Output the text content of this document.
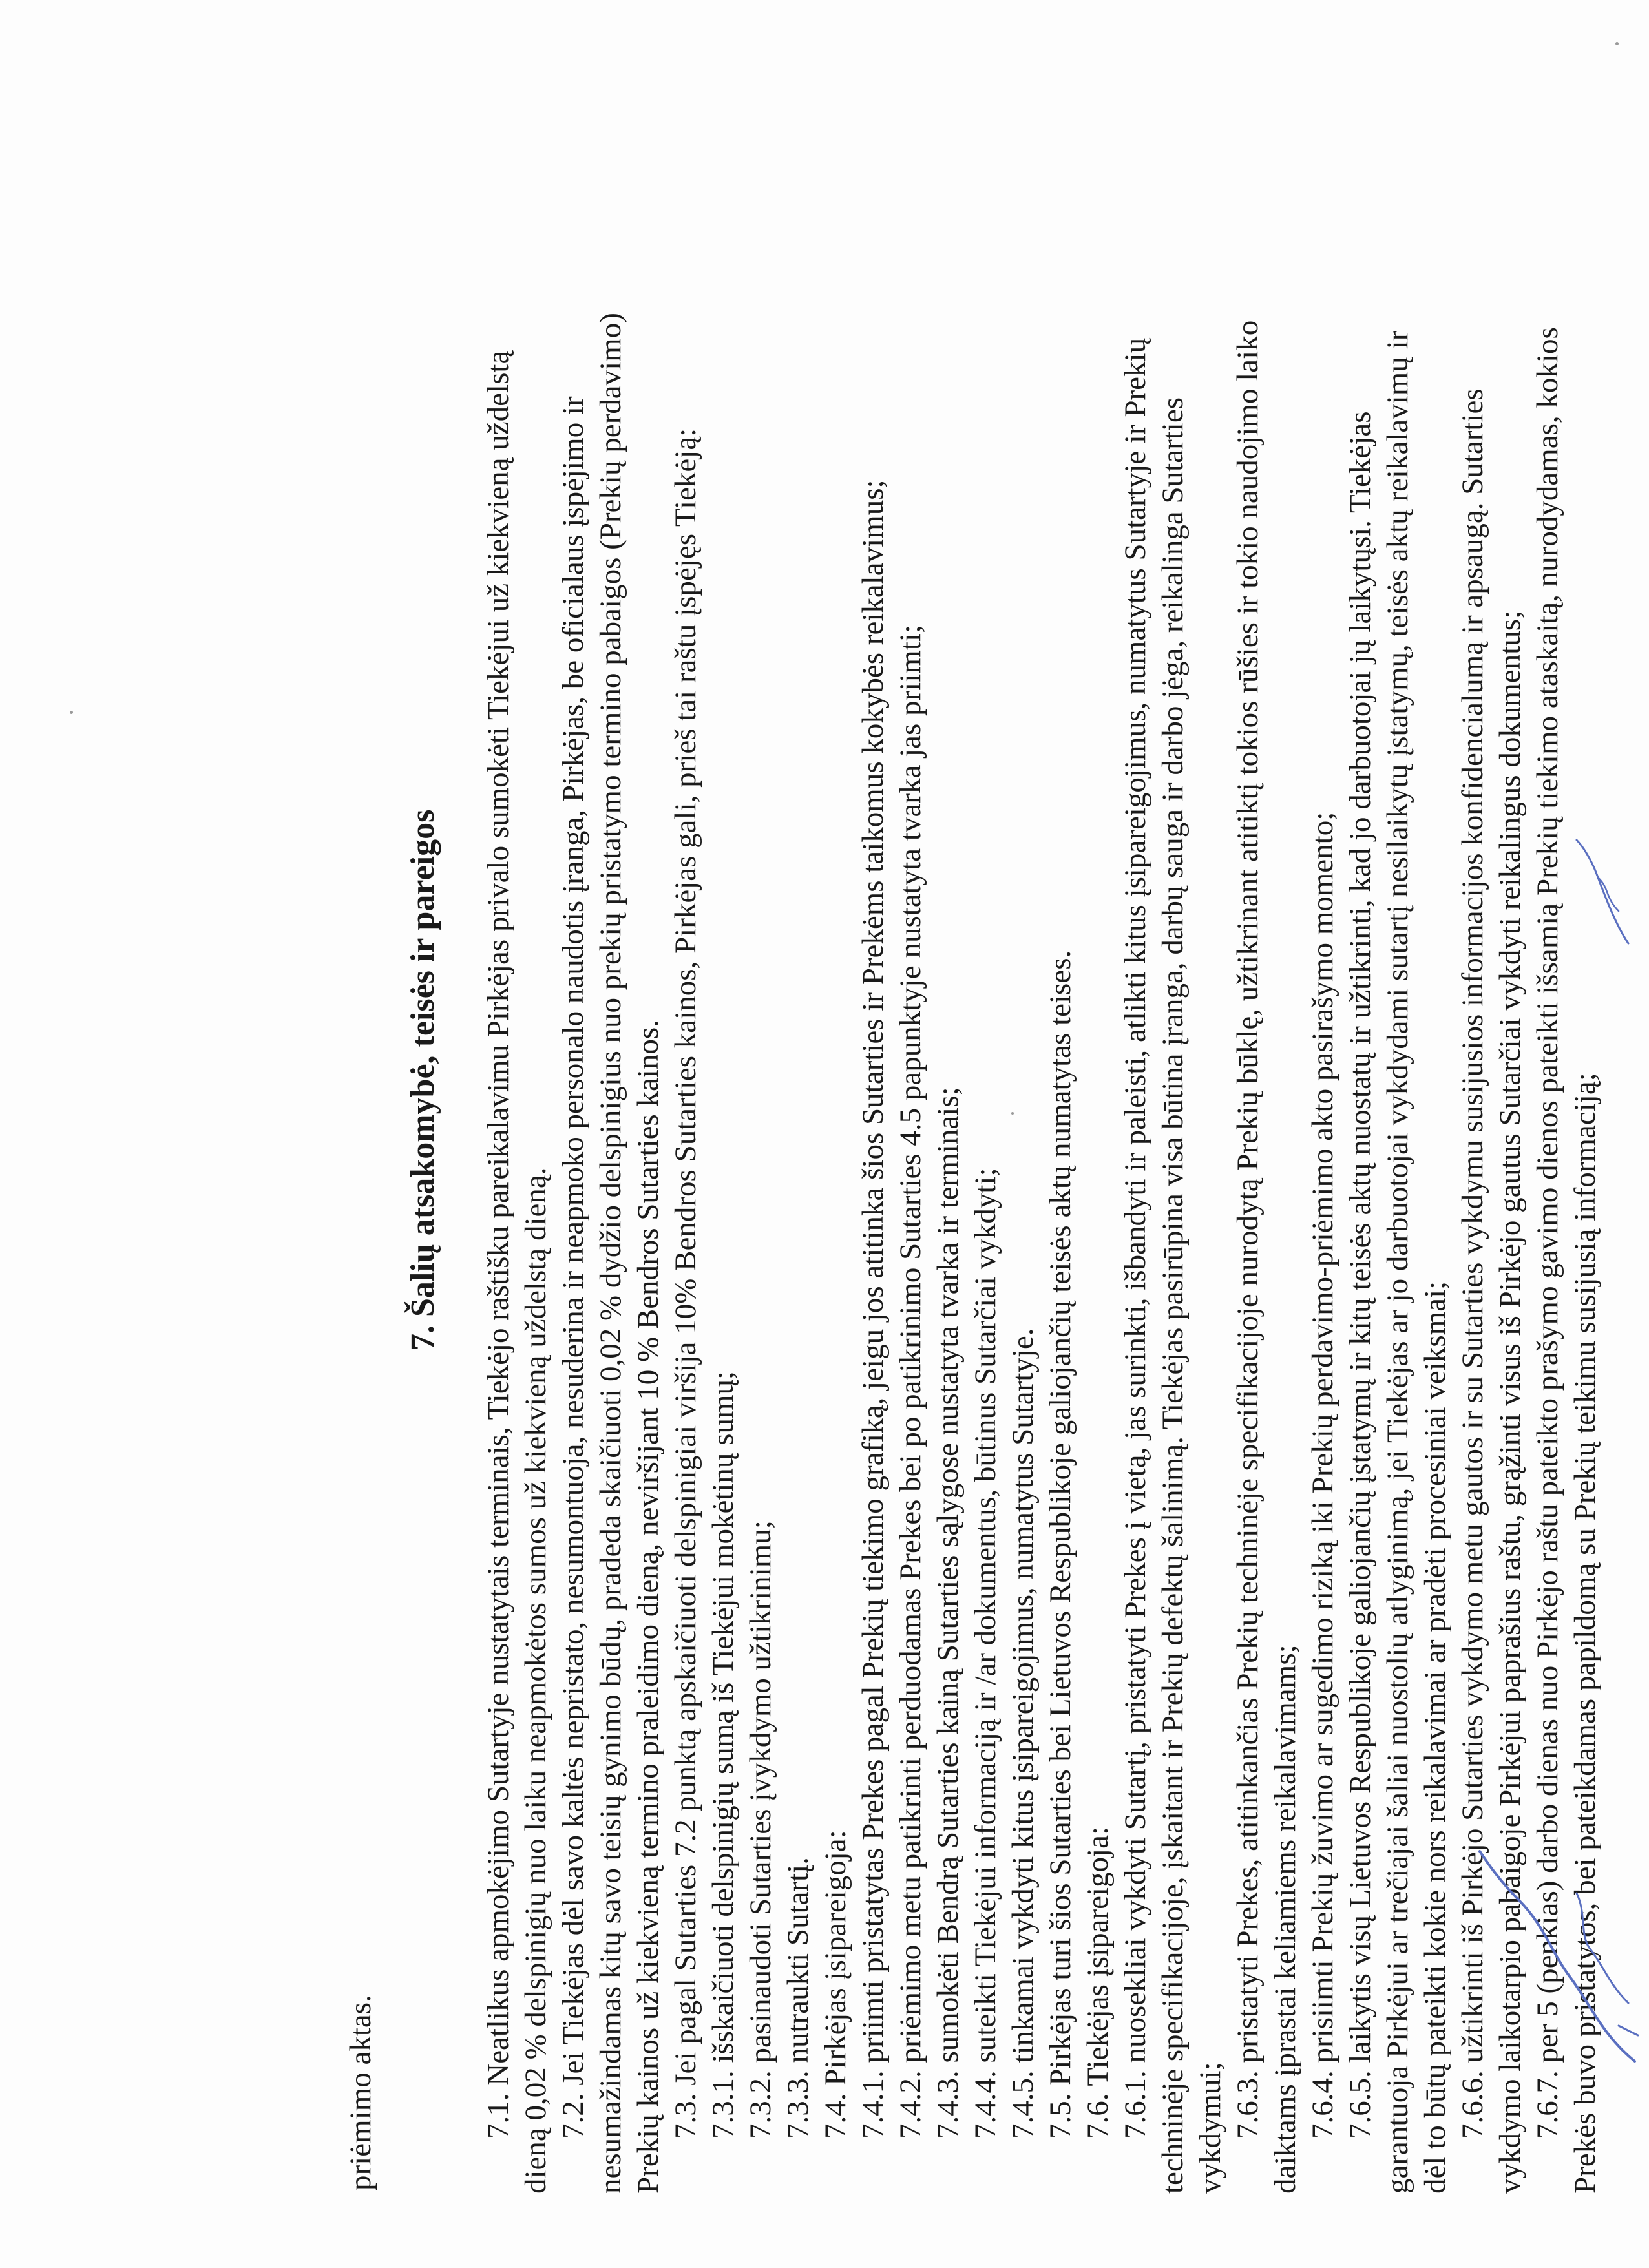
priėmimo aktas.
7. Šalių atsakomybė, teisės ir pareigos 7.1. Neatlikus apmokėjimo Sutartyje nustatytais terminais, Tiekėjo raštišku pareikalavimu Pirkėjas privalo sumokėti Tiekėjui už kiekvieną uždelstą dieną 0,02 % delspinigių nuo laiku neapmokėtos sumos už kiekvieną uždelstą dieną. 7.2. Jei Tiekėjas dėl savo kaltės nepristato, nesumontuoja, nesuderina ir neapmoko personalo naudotis įranga, Pirkėjas, be oficialaus įspėjimo ir nesumažindamas kitų savo teisių gynimo būdų, pradeda skaičiuoti 0,02 % dydžio delspinigius nuo prekių pristatymo termino pabaigos (Prekių perdavimo) Prekių kainos už kiekvieną termino praleidimo dieną, neviršijant 10 % Bendros Sutarties kainos. 7.3. Jei pagal Sutarties 7.2 punktą apskaičiuoti delspinigiai viršija 10% Bendros Sutarties kainos, Pirkėjas gali, prieš tai raštu įspėjęs Tiekėją: 7.3.1. išskaičiuoti delspinigių sumą iš Tiekėjui mokėtinų sumų; 7.3.2. pasinaudoti Sutarties įvykdymo užtikrinimu; 7.3.3. nutraukti Sutartį. 7.4. Pirkėjas įsipareigoja: 7.4.1. priimti pristatytas Prekes pagal Prekių tiekimo grafiką, jeigu jos atitinka šios Sutarties ir Prekėms taikomus kokybės reikalavimus; 7.4.2. priėmimo metu patikrinti perduodamas Prekes bei po patikrinimo Sutarties 4.5 papunktyje nustatyta tvarka jas priimti; 7.4.3. sumokėti Bendrą Sutarties kainą Sutarties sąlygose nustatyta tvarka ir terminais; 7.4.4. suteikti Tiekėjui informaciją ir /ar dokumentus, būtinus Sutarčiai vykdyti; 7.4.5. tinkamai vykdyti kitus įsipareigojimus, numatytus Sutartyje. 7.5. Pirkėjas turi šios Sutarties bei Lietuvos Respublikoje galiojančių teisės aktų numatytas teises. 7.6. Tiekėjas įsipareigoja: 7.6.1. nuosekliai vykdyti Sutartį, pristatyti Prekes į vietą, jas surinkti, išbandyti ir paleisti, atlikti kitus įsipareigojimus, numatytus Sutartyje ir Prekių techninėje specifikacijoje, įskaitant ir Prekių defektų šalinimą. Tiekėjas pasirūpina visa būtina įranga, darbų sauga ir darbo jėga, reikalinga Sutarties vykdymui; 7.6.3. pristatyti Prekes, atitinkančias Prekių techninėje specifikacijoje nurodytą Prekių būklę, užtikrinant atitiktį tokios rūšies ir tokio naudojimo laiko daiktams įprastai keliamiems reikalavimams; 7.6.4. prisiimti Prekių žuvimo ar sugedimo riziką iki Prekių perdavimo-priėmimo akto pasirašymo momento; 7.6.5. laikytis visų Lietuvos Respublikoje galiojančių įstatymų ir kitų teisės aktų nuostatų ir užtikrinti, kad jo darbuotojai jų laikytųsi. Tiekėjas garantuoja Pirkėjui ar trečiajai šaliai nuostolių atlyginimą, jei Tiekėjas ar jo darbuotojai vykdydami sutartį nesilaikytų įstatymų, teisės aktų reikalavimų ir dėl to būtų pateikti kokie nors reikalavimai ar pradėti procesiniai veiksmai; 7.6.6. užtikrinti iš Pirkėjo Sutarties vykdymo metu gautos ir su Sutarties vykdymu susijusios informacijos konfidencialumą ir apsaugą. Sutarties vykdymo laikotarpio pabaigoje Pirkėjui paprašius raštu, grąžinti visus iš Pirkėjo gautus Sutarčiai vykdyti reikalingus dokumentus; 7.6.7. per 5 (penkias) darbo dienas nuo Pirkėjo raštu pateikto prašymo gavimo dienos pateikti išsamią Prekių tiekimo ataskaitą, nurodydamas, kokios Prekės buvo pristatytos, bei pateikdamas papildomą su Prekių teikimu susijusią informaciją;
